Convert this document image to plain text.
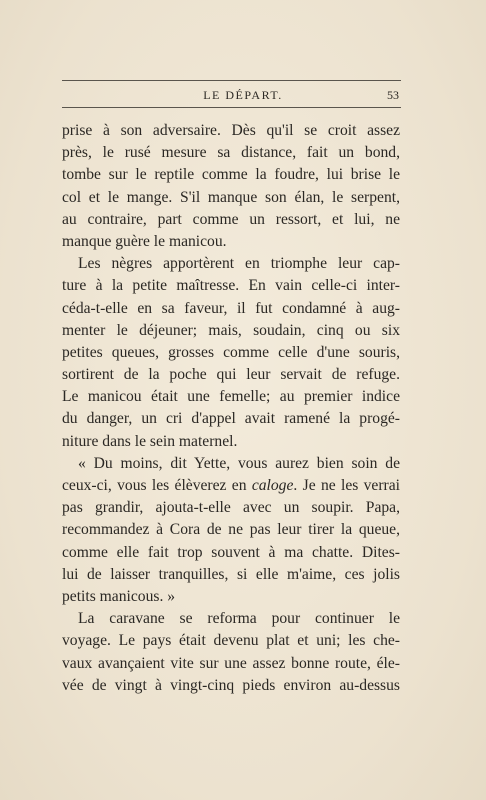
LE DÉPART.	53
prise à son adversaire. Dès qu'il se croit assez
près, le rusé mesure sa distance, fait un bond,
tombe sur le reptile comme la foudre, lui brise le
col et le mange. S'il manque son élan, le serpent,
au contraire, part comme un ressort, et lui, ne
manque guère le manicou.
Les nègres apportèrent en triomphe leur cap-
ture à la petite maîtresse. En vain celle-ci inter-
céda-t-elle en sa faveur, il fut condamné à aug-
menter le déjeuner; mais, soudain, cinq ou six
petites queues, grosses comme celle d'une souris,
sortirent de la poche qui leur servait de refuge.
Le manicou était une femelle; au premier indice
du danger, un cri d'appel avait ramené la progé-
niture dans le sein maternel.
« Du moins, dit Yette, vous aurez bien soin de
ceux-ci, vous les élèverez en caloge. Je ne les verrai
pas grandir, ajouta-t-elle avec un soupir. Papa,
recommandez à Cora de ne pas leur tirer la queue,
comme elle fait trop souvent à ma chatte. Dites-
lui de laisser tranquilles, si elle m'aime, ces jolis
petits manicous. »
La caravane se reforma pour continuer le
voyage. Le pays était devenu plat et uni; les che-
vaux avançaient vite sur une assez bonne route, éle-
vée de vingt à vingt-cinq pieds environ au-dessus
